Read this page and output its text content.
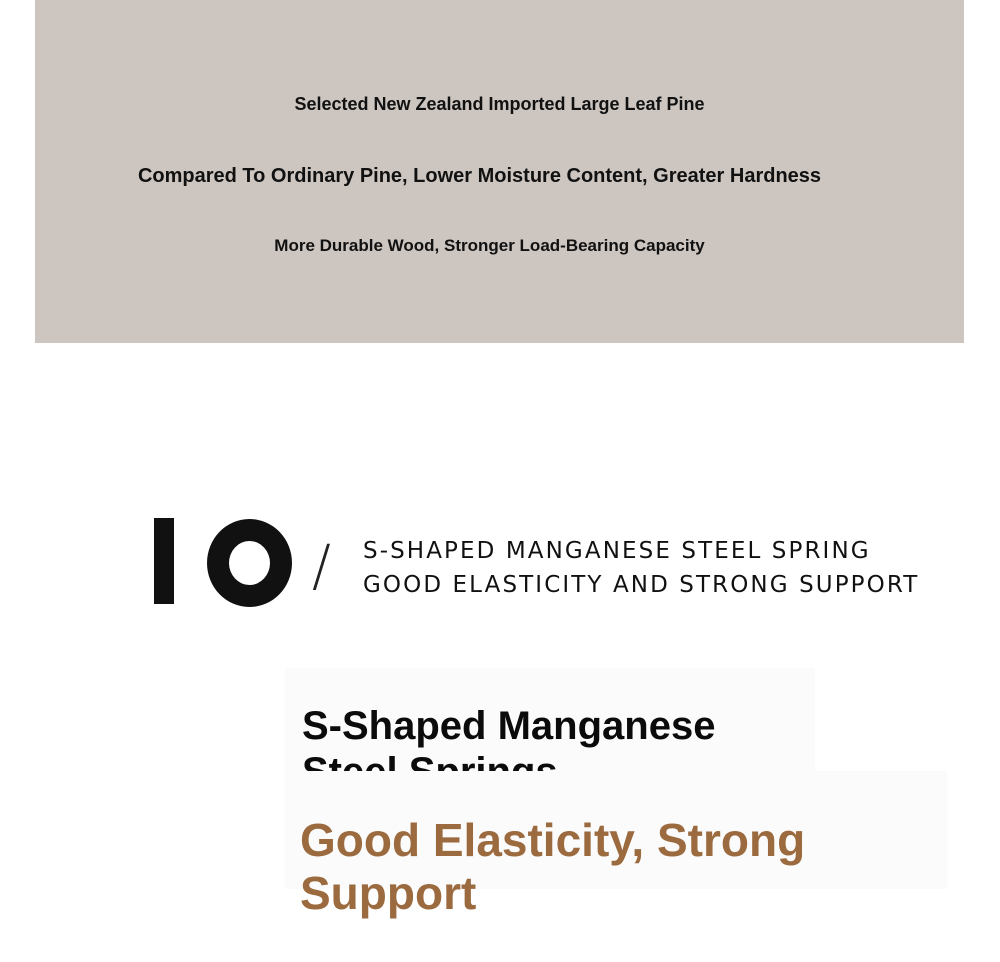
Selected New Zealand Imported Large Leaf Pine
Compared To Ordinary Pine, Lower Moisture Content, Greater Hardness
More Durable Wood, Stronger Load-Bearing Capacity
/ S-SHAPED MANGANESE STEEL SPRING
GOOD ELASTICITY AND STRONG SUPPORT
S-Shaped Manganese
Good Elasticity, Strong Support
